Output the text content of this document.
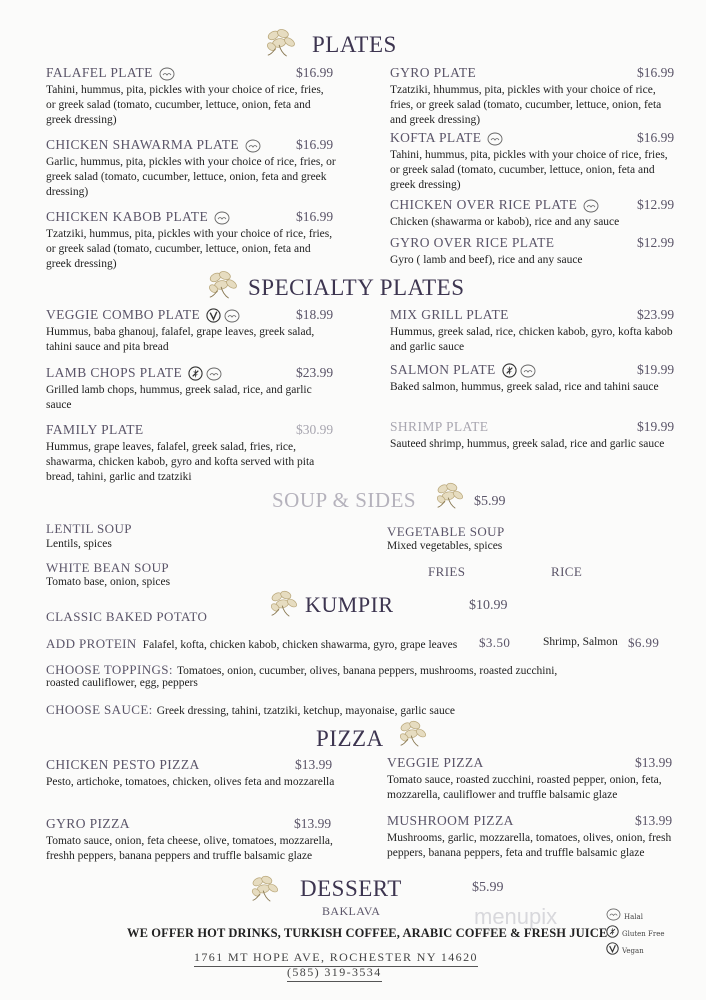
PLATES
FALAFEL PLATE	$16.99
Tahini, hummus, pita, pickles with your choice of rice, fries, or greek salad (tomato, cucumber, lettuce, onion, feta and greek dressing)
CHICKEN SHAWARMA PLATE	$16.99
Garlic, hummus, pita, pickles with your choice of rice, fries, or greek salad (tomato, cucumber, lettuce, onion, feta and greek dressing)
CHICKEN KABOB PLATE	$16.99
Tzatziki, hummus, pita, pickles with your choice of rice, fries, or greek salad (tomato, cucumber, lettuce, onion, feta and greek dressing)
GYRO PLATE	$16.99
Tzatziki, hhummus, pita, pickles with your choice of rice, fries, or greek salad (tomato, cucumber, lettuce, onion, feta and greek dressing)
KOFTA PLATE	$16.99
Tahini, hummus, pita, pickles with your choice of rice, fries, or greek salad (tomato, cucumber, lettuce, onion, feta and greek dressing)
CHICKEN OVER RICE PLATE	$12.99
Chicken (shawarma or kabob), rice and any sauce
GYRO OVER RICE PLATE	$12.99
Gyro ( lamb and beef), rice and any sauce
SPECIALTY PLATES
VEGGIE COMBO PLATE	$18.99
Hummus, baba ghanouj, falafel, grape leaves, greek salad, tahini sauce and pita bread
LAMB CHOPS PLATE	$23.99
Grilled lamb chops, hummus, greek salad, rice, and garlic sauce
FAMILY PLATE	$30.99
Hummus, grape leaves, falafel, greek salad, fries, rice, shawarma, chicken kabob, gyro and kofta served with pita bread, tahini, garlic and tzatziki
MIX GRILL PLATE	$23.99
Hummus, greek salad, rice, chicken kabob, gyro, kofta kabob and garlic sauce
SALMON PLATE	$19.99
Baked salmon, hummus, greek salad, rice and tahini sauce
SHRIMP PLATE	$19.99
Sauteed shrimp, hummus, greek salad, rice and garlic sauce
SOUP & SIDES	$5.99
LENTIL SOUP
Lentils, spices
WHITE BEAN SOUP
Tomato base, onion, spices
VEGETABLE SOUP
Mixed vegetables, spices
FRIES	RICE
KUMPIR	$10.99
CLASSIC BAKED POTATO
ADD PROTEIN Falafel, kofta, chicken kabob, chicken shawarma, gyro, grape leaves $3.50	Shrimp, Salmon $6.99
CHOOSE TOPPINGS: Tomatoes, onion, cucumber, olives, banana peppers, mushrooms, roasted zucchini,
roasted cauliflower, egg, peppers
CHOOSE SAUCE: Greek dressing, tahini, tzatziki, ketchup, mayonaise, garlic sauce
PIZZA
CHICKEN PESTO PIZZA	$13.99
Pesto, artichoke, tomatoes, chicken, olives feta and mozzarella
GYRO PIZZA	$13.99
Tomato sauce, onion, feta cheese, olive, tomatoes, mozzarella, freshh peppers, banana peppers and truffle balsamic glaze
VEGGIE PIZZA	$13.99
Tomato sauce, roasted zucchini, roasted pepper, onion, feta, mozzarella, cauliflower and truffle balsamic glaze
MUSHROOM PIZZA	$13.99
Mushrooms, garlic, mozzarella, tomatoes, olives, onion, fresh peppers, banana peppers, feta and truffle balsamic glaze
DESSERT	$5.99
BAKLAVA	menupix	Halal
Gluten Free
Vegan
WE OFFER HOT DRINKS, TURKISH COFFEE, ARABIC COFFEE & FRESH JUICE
1761 MT HOPE AVE, ROCHESTER NY 14620
(585) 319-3534
